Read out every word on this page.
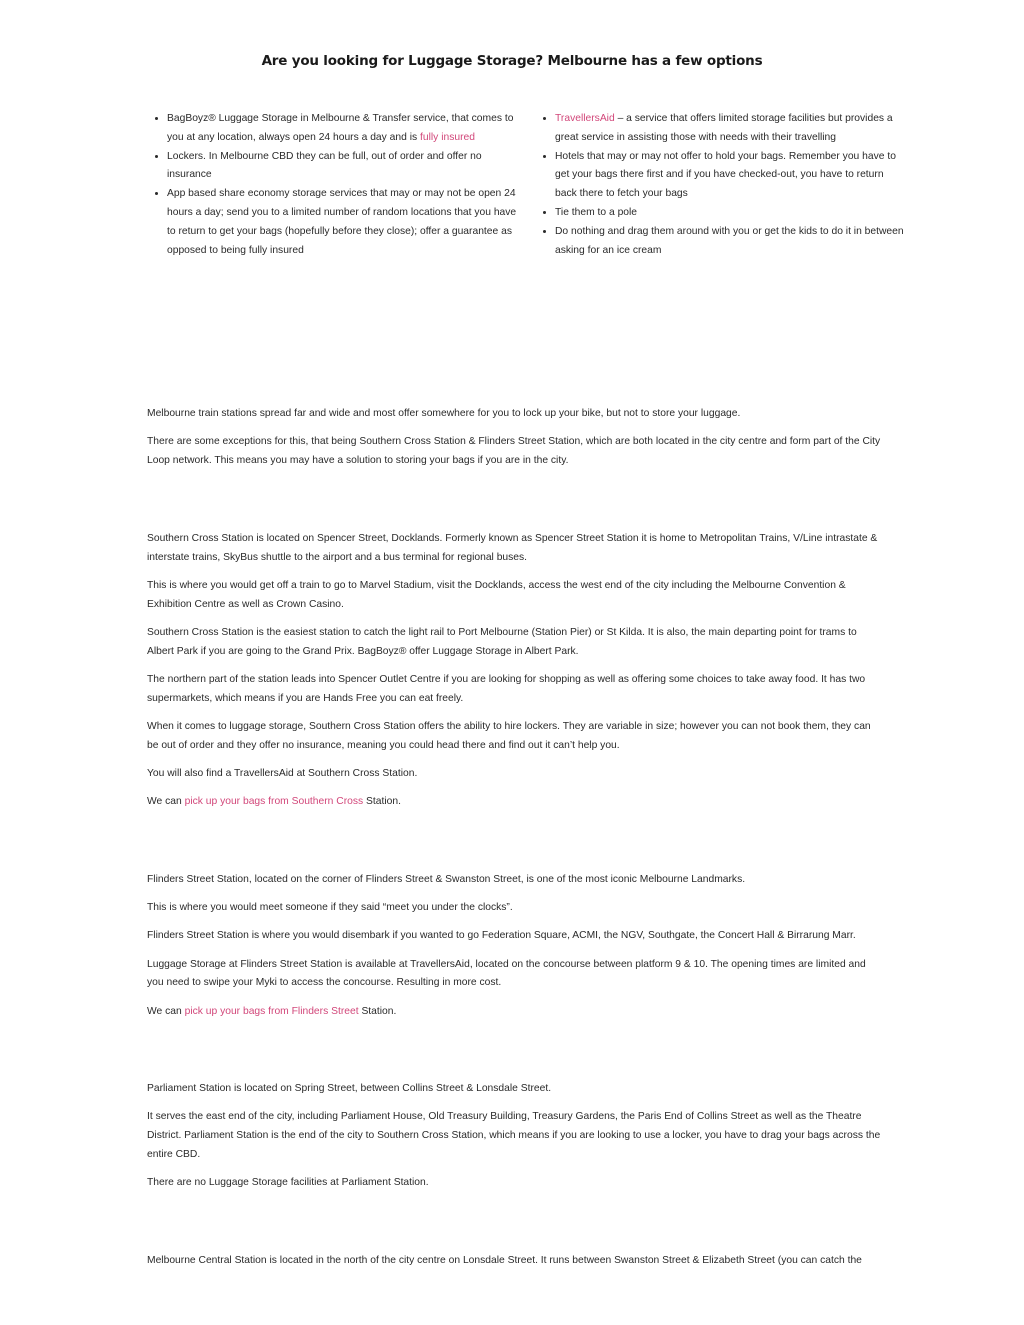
Are you looking for Luggage Storage? Melbourne has a few options
• BagBoyz® Luggage Storage in Melbourne & Transfer service, that comes to you at any location, always open 24 hours a day and is fully insured
• Lockers. In Melbourne CBD they can be full, out of order and offer no insurance
• App based share economy storage services that may or may not be open 24 hours a day; send you to a limited number of random locations that you have to return to get your bags (hopefully before they close); offer a guarantee as opposed to being fully insured
• TravellersAid – a service that offers limited storage facilities but provides a great service in assisting those with needs with their travelling
• Hotels that may or may not offer to hold your bags. Remember you have to get your bags there first and if you have checked-out, you have to return back there to fetch your bags
• Tie them to a pole
• Do nothing and drag them around with you or get the kids to do it in between asking for an ice cream

Melbourne train stations spread far and wide and most offer somewhere for you to lock up your bike, but not to store your luggage.

There are some exceptions for this, that being Southern Cross Station & Flinders Street Station, which are both located in the city centre and form part of the City Loop network. This means you may have a solution to storing your bags if you are in the city.

Southern Cross Station is located on Spencer Street, Docklands. Formerly known as Spencer Street Station it is home to Metropolitan Trains, V/Line intrastate & interstate trains, SkyBus shuttle to the airport and a bus terminal for regional buses.

This is where you would get off a train to go to Marvel Stadium, visit the Docklands, access the west end of the city including the Melbourne Convention & Exhibition Centre as well as Crown Casino.

Southern Cross Station is the easiest station to catch the light rail to Port Melbourne (Station Pier) or St Kilda. It is also, the main departing point for trams to Albert Park if you are going to the Grand Prix. BagBoyz® offer Luggage Storage in Albert Park.

The northern part of the station leads into Spencer Outlet Centre if you are looking for shopping as well as offering some choices to take away food. It has two supermarkets, which means if you are Hands Free you can eat freely.

When it comes to luggage storage, Southern Cross Station offers the ability to hire lockers. They are variable in size; however you can not book them, they can be out of order and they offer no insurance, meaning you could head there and find out it can’t help you.

You will also find a TravellersAid at Southern Cross Station.

We can pick up your bags from Southern Cross Station.

Flinders Street Station, located on the corner of Flinders Street & Swanston Street, is one of the most iconic Melbourne Landmarks.

This is where you would meet someone if they said “meet you under the clocks”.

Flinders Street Station is where you would disembark if you wanted to go Federation Square, ACMI, the NGV, Southgate, the Concert Hall & Birrarung Marr.

Luggage Storage at Flinders Street Station is available at TravellersAid, located on the concourse between platform 9 & 10. The opening times are limited and you need to swipe your Myki to access the concourse. Resulting in more cost.

We can pick up your bags from Flinders Street Station.

Parliament Station is located on Spring Street, between Collins Street & Lonsdale Street.

It serves the east end of the city, including Parliament House, Old Treasury Building, Treasury Gardens, the Paris End of Collins Street as well as the Theatre District. Parliament Station is the end of the city to Southern Cross Station, which means if you are looking to use a locker, you have to drag your bags across the entire CBD.

There are no Luggage Storage facilities at Parliament Station.

Melbourne Central Station is located in the north of the city centre on Lonsdale Street. It runs between Swanston Street & Elizabeth Street (you can catch the
